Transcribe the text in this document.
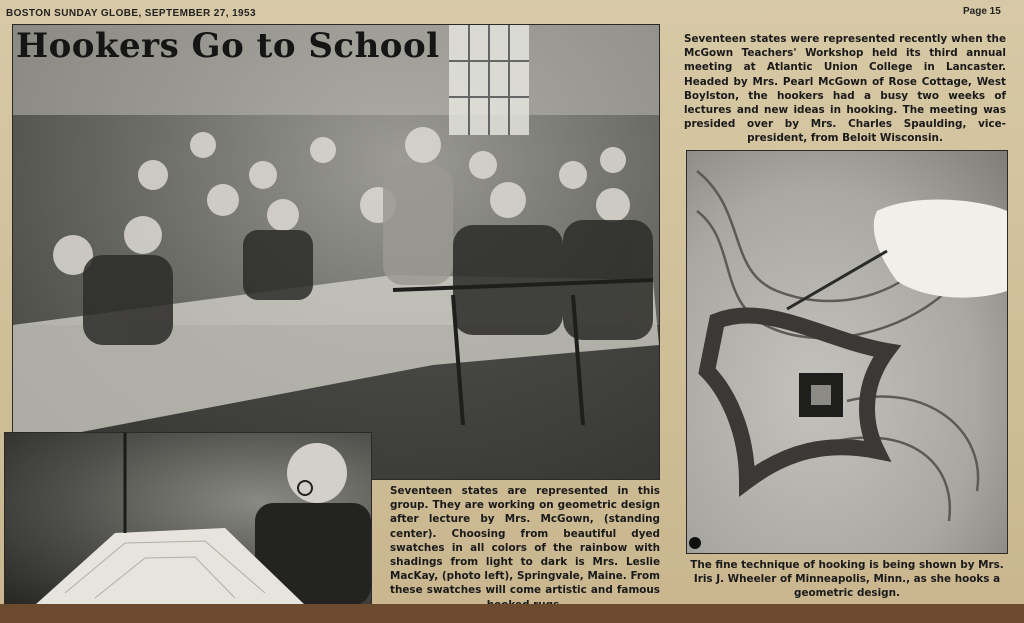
BOSTON SUNDAY GLOBE, SEPTEMBER 27, 1953	Page 15
Hookers Go to School	Seventeen states were represented recently when the McGown Teachers' Workshop held its third annual meeting at Atlantic Union College in Lancaster. Headed by Mrs. Pearl McGown of Rose Cottage, West Boylston, the hookers had a busy two weeks of lectures and new ideas in hooking. The meeting was presided over by Mrs. Charles Spaulding, vice-president, from Beloit Wisconsin.
Seventeen states are represented in this group. They are working on geometric design after lecture by Mrs. McGown, (standing center). Choosing from beautiful dyed swatches in all colors of the rainbow with shadings from light to dark is Mrs. Leslie MacKay, (photo left), Springvale, Maine. From these swatches will come artistic and famous
The fine technique of hooking is being shown by Mrs. Iris J. Wheeler of Minneapolis, Minn., as she hooks a geometric design.
